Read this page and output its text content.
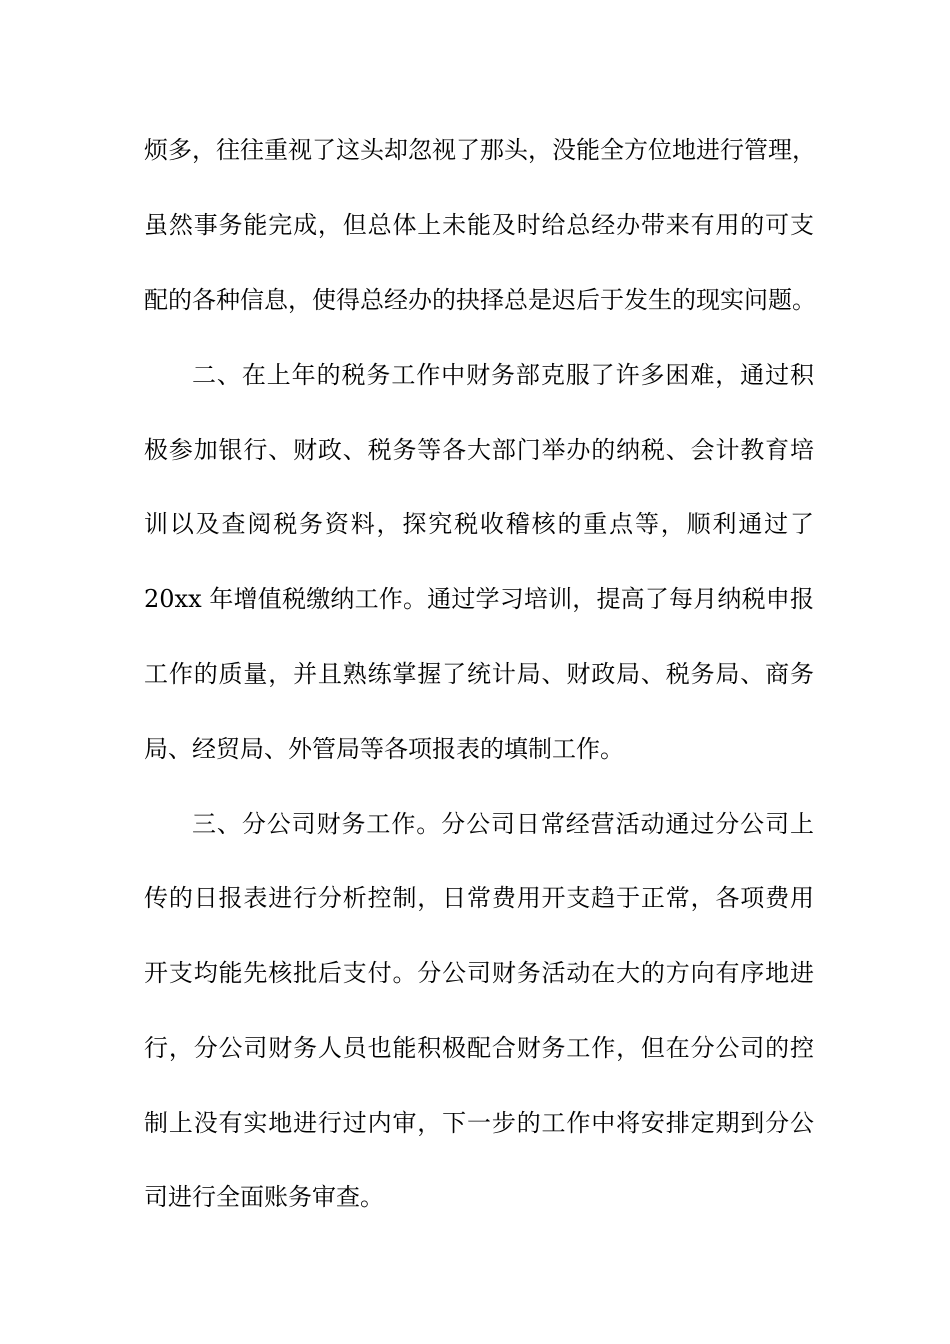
烦多，往往重视了这头却忽视了那头，没能全方位地进行管理，
虽然事务能完成，但总体上未能及时给总经办带来有用的可支
配的各种信息，使得总经办的抉择总是迟后于发生的现实问题。
二、在上年的税务工作中财务部克服了许多困难，通过积
极参加银行、财政、税务等各大部门举办的纳税、会计教育培
训以及查阅税务资料，探究税收稽核的重点等，顺利通过了
20xx 年增值税缴纳工作。通过学习培训，提高了每月纳税申报
工作的质量，并且熟练掌握了统计局、财政局、税务局、商务
局、经贸局、外管局等各项报表的填制工作。
三、分公司财务工作。分公司日常经营活动通过分公司上
传的日报表进行分析控制，日常费用开支趋于正常，各项费用
开支均能先核批后支付。分公司财务活动在大的方向有序地进
行，分公司财务人员也能积极配合财务工作，但在分公司的控
制上没有实地进行过内审，下一步的工作中将安排定期到分公
司进行全面账务审查。
